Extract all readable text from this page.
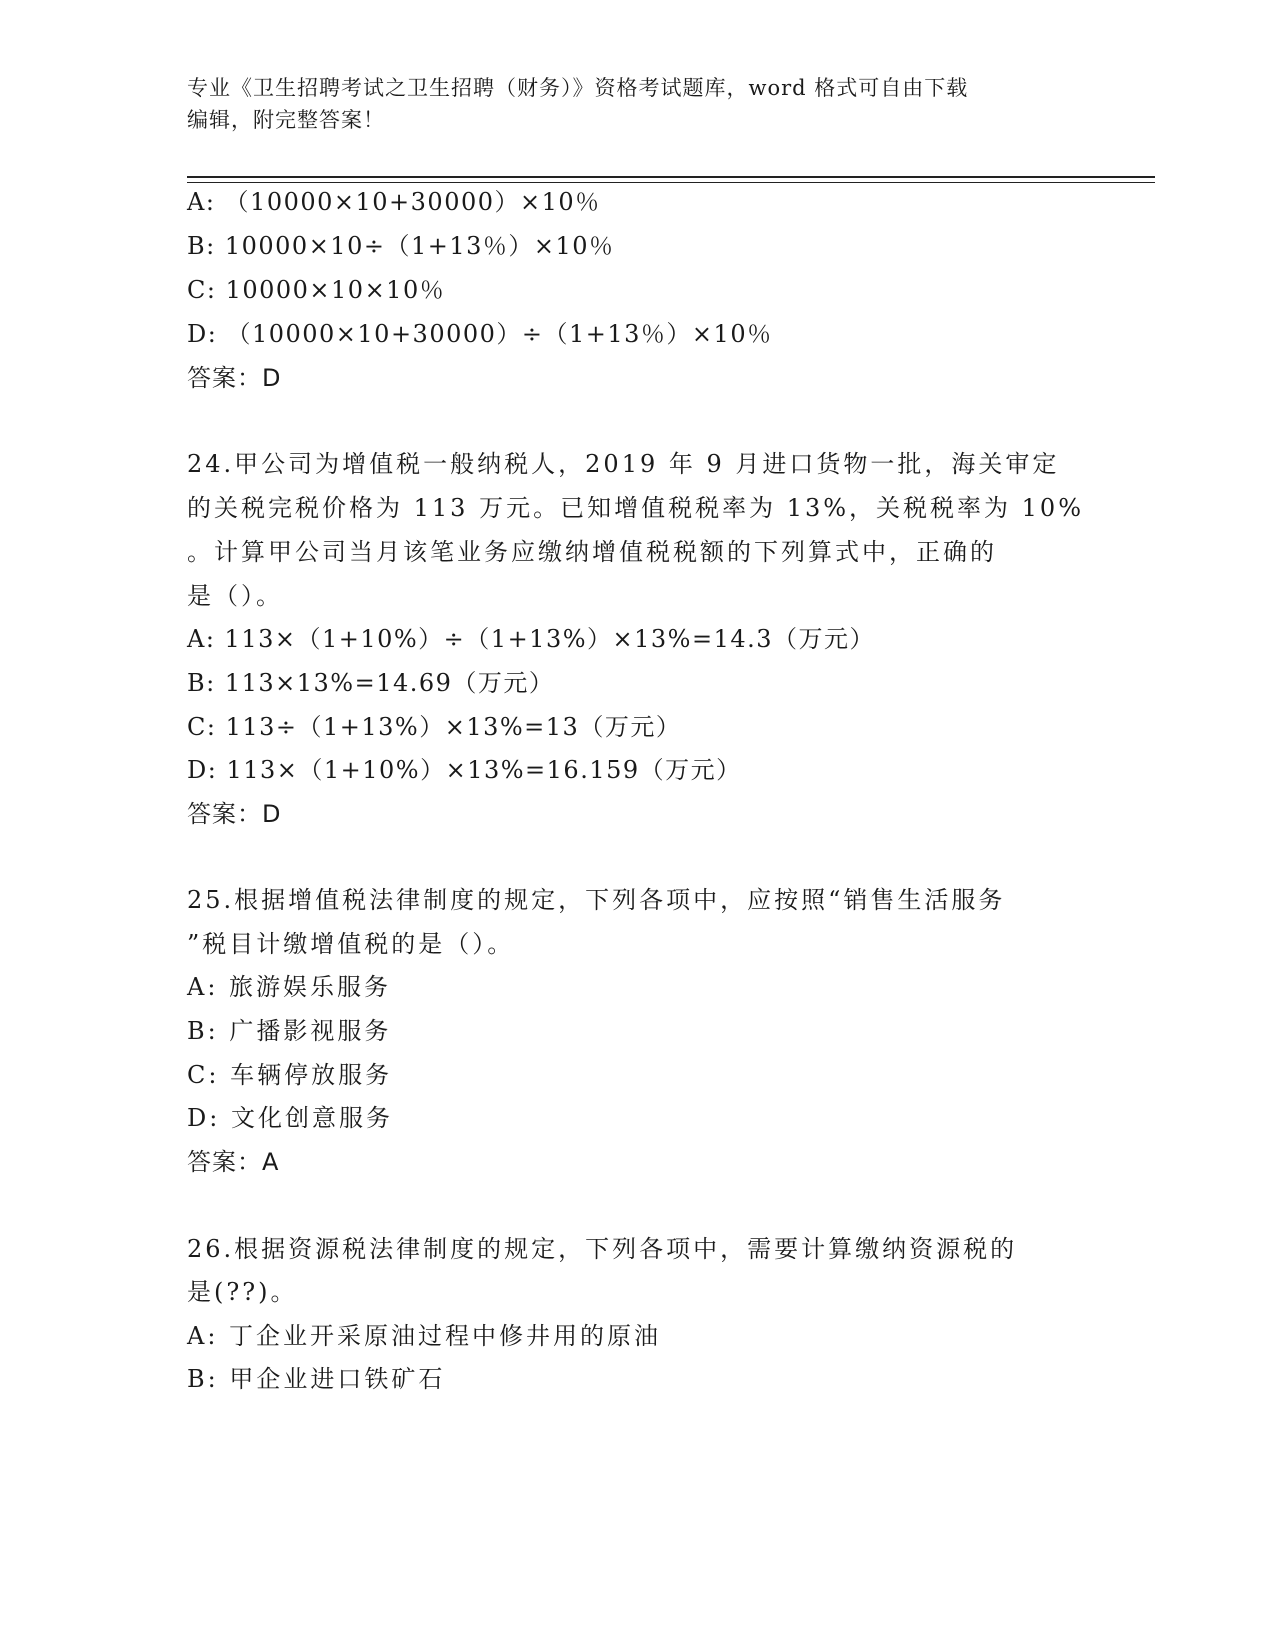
专业《卫生招聘考试之卫生招聘（财务）》资格考试题库，word 格式可自由下载
编辑，附完整答案！
A: （10000×10+30000）×10％
B: 10000×10÷（1+13％）×10％
C: 10000×10×10％
D: （10000×10+30000）÷（1+13％）×10％
答案：D
24.甲公司为增值税一般纳税人，2019 年 9 月进口货物一批，海关审定
的关税完税价格为 113 万元。已知增值税税率为 13%，关税税率为 10%
。计算甲公司当月该笔业务应缴纳增值税税额的下列算式中，正确的
是（）。
A: 113×（1+10%）÷（1+13%）×13%=14.3（万元）
B: 113×13%=14.69（万元）
C: 113÷（1+13%）×13%=13（万元）
D: 113×（1+10%）×13%=16.159（万元）
答案：D
25.根据增值税法律制度的规定，下列各项中，应按照“销售生活服务
”税目计缴增值税的是（）。
A: 旅游娱乐服务
B: 广播影视服务
C: 车辆停放服务
D: 文化创意服务
答案：A
26.根据资源税法律制度的规定，下列各项中，需要计算缴纳资源税的
是(??)。
A: 丁企业开采原油过程中修井用的原油
B: 甲企业进口铁矿石
